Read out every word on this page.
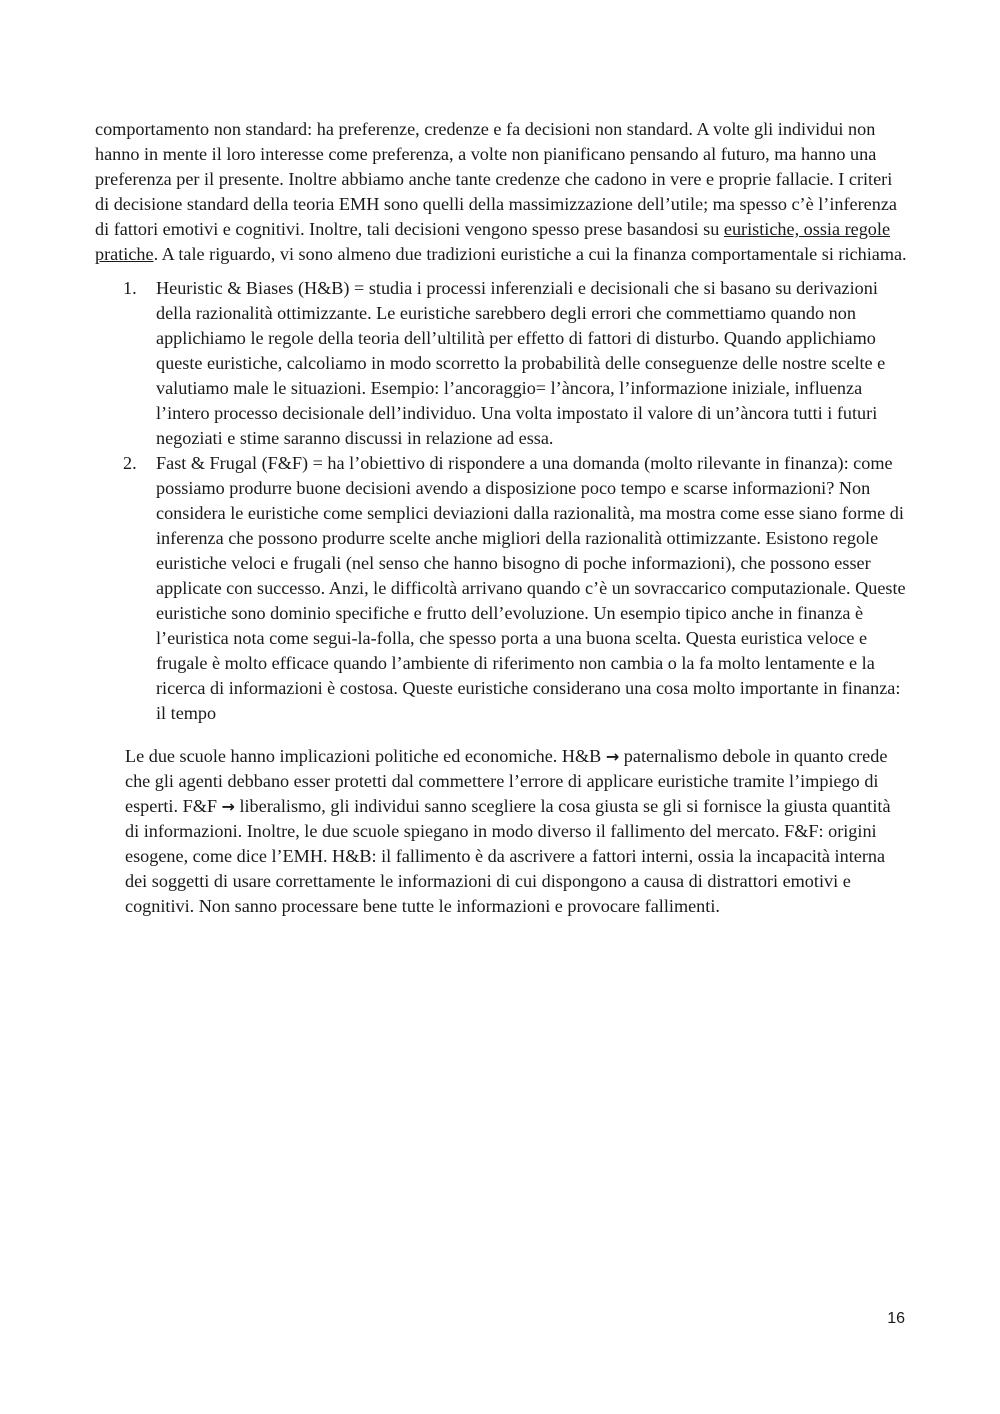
comportamento non standard: ha preferenze, credenze e fa decisioni non standard. A volte gli individui non hanno in mente il loro interesse come preferenza, a volte non pianificano pensando al futuro, ma hanno una preferenza per il presente. Inoltre abbiamo anche tante credenze che cadono in vere e proprie fallacie. I criteri di decisione standard della teoria EMH sono quelli della massimizzazione dell’utile; ma spesso c’è l’inferenza di fattori emotivi e cognitivi. Inoltre, tali decisioni vengono spesso prese basandosi su euristiche, ossia regole pratiche. A tale riguardo, vi sono almeno due tradizioni euristiche a cui la finanza comportamentale si richiama.

1. Heuristic & Biases (H&B) = studia i processi inferenziali e decisionali che si basano su derivazioni della razionalità ottimizzante. Le euristiche sarebbero degli errori che commettiamo quando non applichiamo le regole della teoria dell’ultilità per effetto di fattori di disturbo. Quando applichiamo queste euristiche, calcoliamo in modo scorretto la probabilità delle conseguenze delle nostre scelte e valutiamo male le situazioni. Esempio: l’ancoraggio= l’àncora, l’informazione iniziale, influenza l’intero processo decisionale dell’individuo. Una volta impostato il valore di un’àncora tutti i futuri negoziati e stime saranno discussi in relazione ad essa.
2. Fast & Frugal (F&F) = ha l’obiettivo di rispondere a una domanda (molto rilevante in finanza): come possiamo produrre buone decisioni avendo a disposizione poco tempo e scarse informazioni? Non considera le euristiche come semplici deviazioni dalla razionalità, ma mostra come esse siano forme di inferenza che possono produrre scelte anche migliori della razionalità ottimizzante. Esistono regole euristiche veloci e frugali (nel senso che hanno bisogno di poche informazioni), che possono esser applicate con successo. Anzi, le difficoltà arrivano quando c’è un sovraccarico computazionale. Queste euristiche sono dominio specifiche e frutto dell’evoluzione. Un esempio tipico anche in finanza è l’euristica nota come segui-la-folla, che spesso porta a una buona scelta. Questa euristica veloce e frugale è molto efficace quando l’ambiente di riferimento non cambia o la fa molto lentamente e la ricerca di informazioni è costosa. Queste euristiche considerano una cosa molto importante in finanza: il tempo

Le due scuole hanno implicazioni politiche ed economiche. H&B → paternalismo debole in quanto crede che gli agenti debbano esser protetti dal commettere l’errore di applicare euristiche tramite l’impiego di esperti. F&F → liberalismo, gli individui sanno scegliere la cosa giusta se gli si fornisce la giusta quantità di informazioni. Inoltre, le due scuole spiegano in modo diverso il fallimento del mercato. F&F: origini esogene, come dice l’EMH. H&B: il fallimento è da ascrivere a fattori interni, ossia la incapacità interna dei soggetti di usare correttamente le informazioni di cui dispongono a causa di distrattori emotivi e cognitivi. Non sanno processare bene tutte le informazioni e provocare fallimenti.

16
